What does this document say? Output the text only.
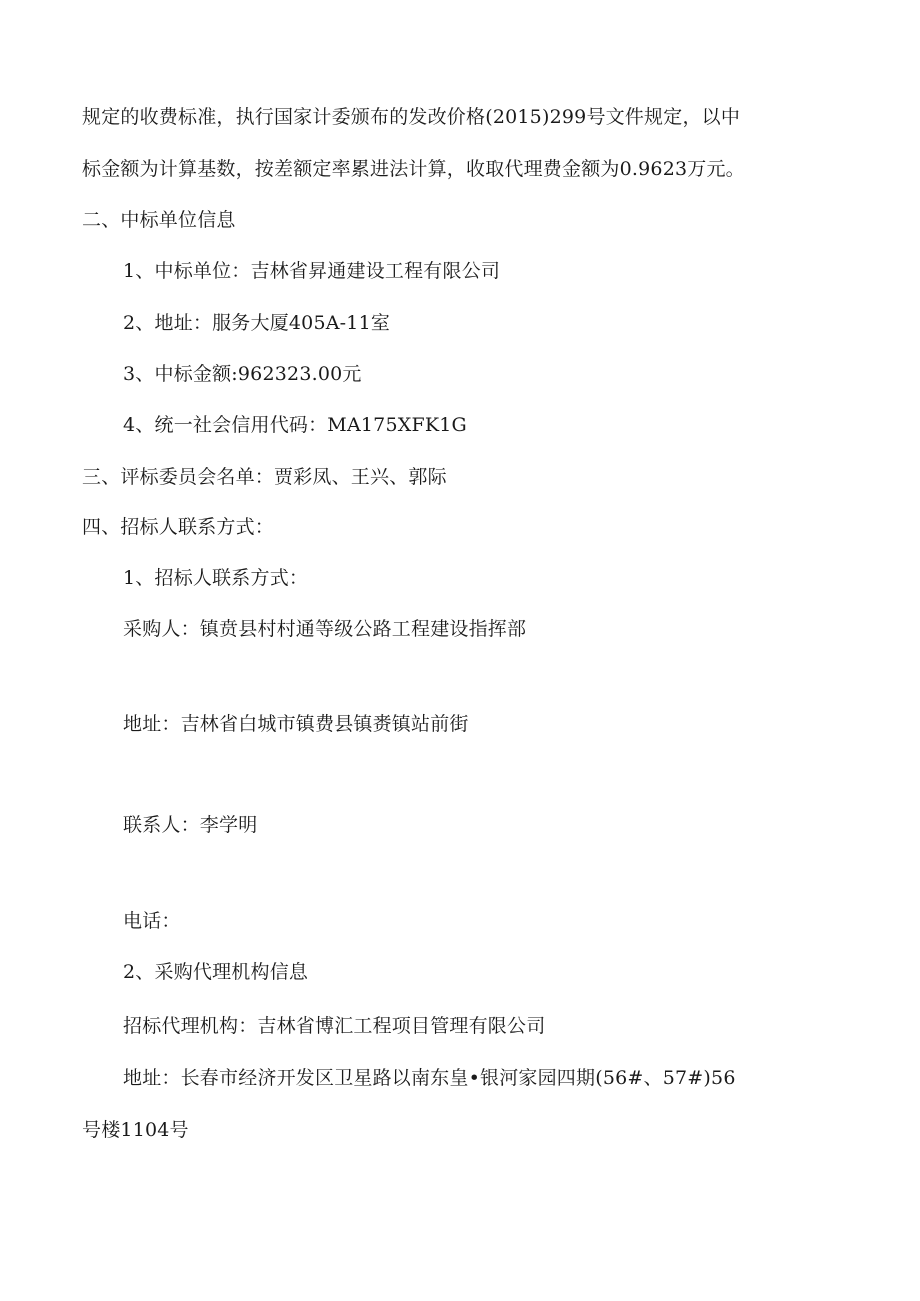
规定的收费标准，执行国家计委颁布的发改价格(2015)299号文件规定，以中
标金额为计算基数，按差额定率累进法计算，收取代理费金额为0.9623万元。
二、中标单位信息
1、中标单位：吉林省昇通建设工程有限公司
2、地址：服务大厦405A-11室
3、中标金额:962323.00元
4、统一社会信用代码：MA175XFK1G
三、评标委员会名单：贾彩凤、王兴、郭际
四、招标人联系方式：
1、招标人联系方式：
采购人：镇贲县村村通等级公路工程建设指挥部
地址：吉林省白城市镇费县镇赉镇站前街
联系人：李学明
电话：
2、采购代理机构信息
招标代理机构：吉林省博汇工程项目管理有限公司
地址：长春市经济开发区卫星路以南东皇•银河家园四期(56#、57#)56
号楼1104号
